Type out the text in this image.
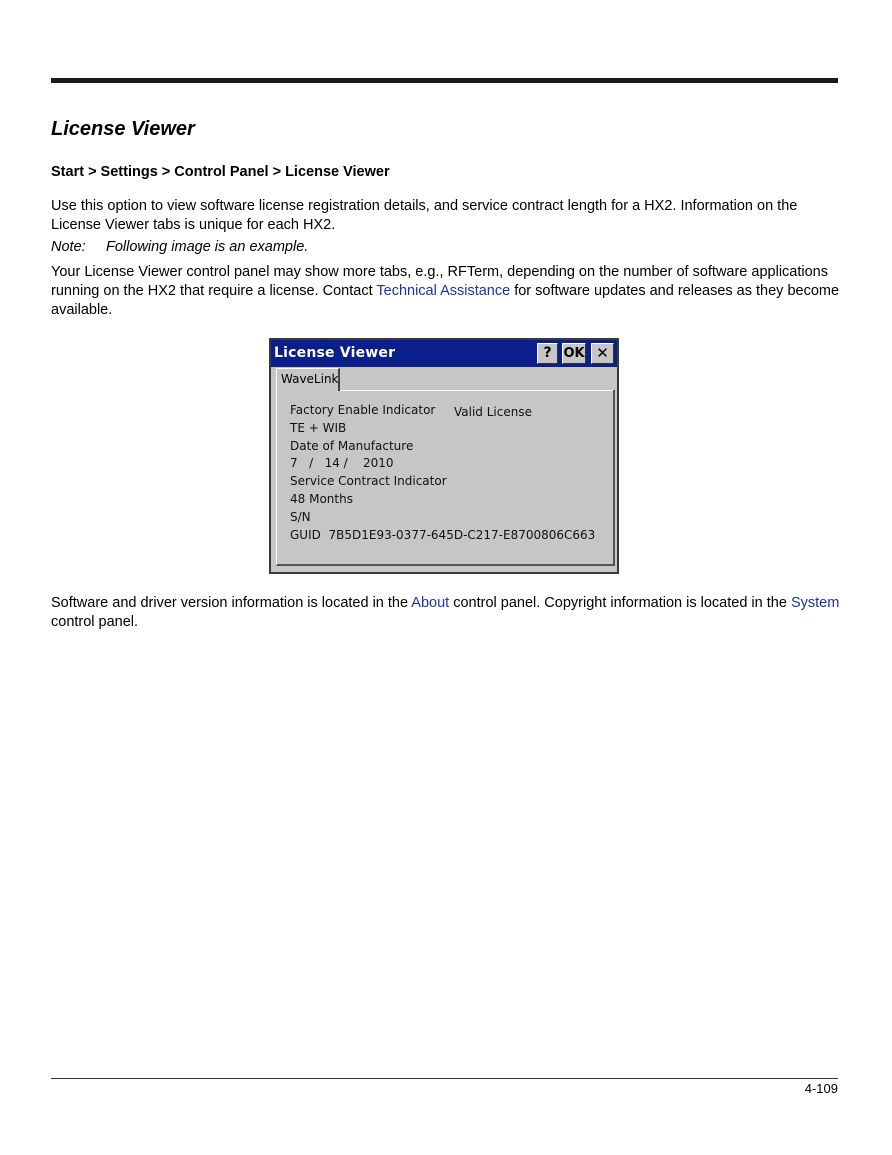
License Viewer
Start > Settings > Control Panel > License Viewer
Use this option to view software license registration details, and service contract length for a HX2. Information on the License Viewer tabs is unique for each HX2.
Note: Following image is an example.
Your License Viewer control panel may show more tabs, e.g., RFTerm, depending on the number of software applications running on the HX2 that require a license. Contact Technical Assistance for software updates and releases as they become available.
License Viewer	? OK ✕
WaveLink
Factory Enable Indicator Valid License
TE + WIB
Date of Manufacture
7   /   14 /    2010
Service Contract Indicator
48 Months
S/N
GUID  7B5D1E93-0377-645D-C217-E8700806C663
Software and driver version information is located in the About control panel. Copyright information is located in the System control panel.
4-109
